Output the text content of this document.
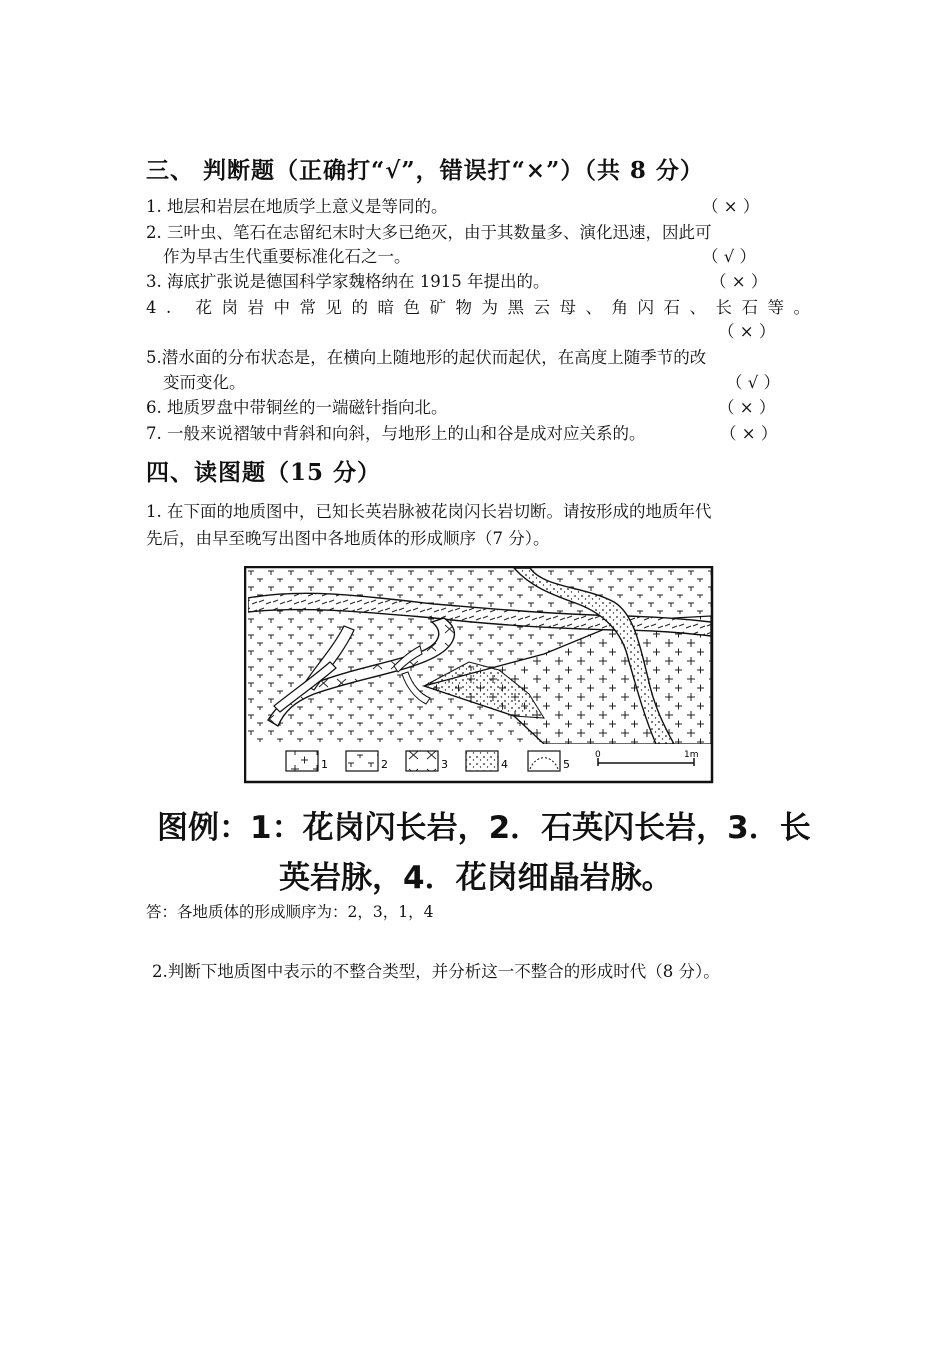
三、 判断题（正确打“√”，错误打“×”）（共 8 分）
1. 地层和岩层在地质学上意义是等同的。	（ × ）
2. 三叶虫、笔石在志留纪末时大多已绝灭，由于其数量多、演化迅速，因此可
作为早古生代重要标准化石之一。	（ √ ）
3. 海底扩张说是德国科学家魏格纳在 1915 年提出的。	（ × ）
4. 花岗岩中常见的暗色矿物为黑云母、角闪石、长石等。
（ × ）
5.潜水面的分布状态是，在横向上随地形的起伏而起伏，在高度上随季节的改
变而变化。	（ √ ）
6. 地质罗盘中带铜丝的一端磁针指向北。	（ × ）
7. 一般来说褶皱中背斜和向斜，与地形上的山和谷是成对应关系的。	（ × ）
四、读图题（15 分）
1. 在下面的地质图中，已知长英岩脉被花岗闪长岩切断。请按形成的地质年代
先后，由早至晚写出图中各地质体的形成顺序（7 分）。
1	2	3	4	5
0	1m
图例：1：花岗闪长岩，2．石英闪长岩，3．长
英岩脉，4．花岗细晶岩脉。
答：各地质体的形成顺序为：2，3，1，4
2.判断下地质图中表示的不整合类型，并分析这一不整合的形成时代（8 分）。
